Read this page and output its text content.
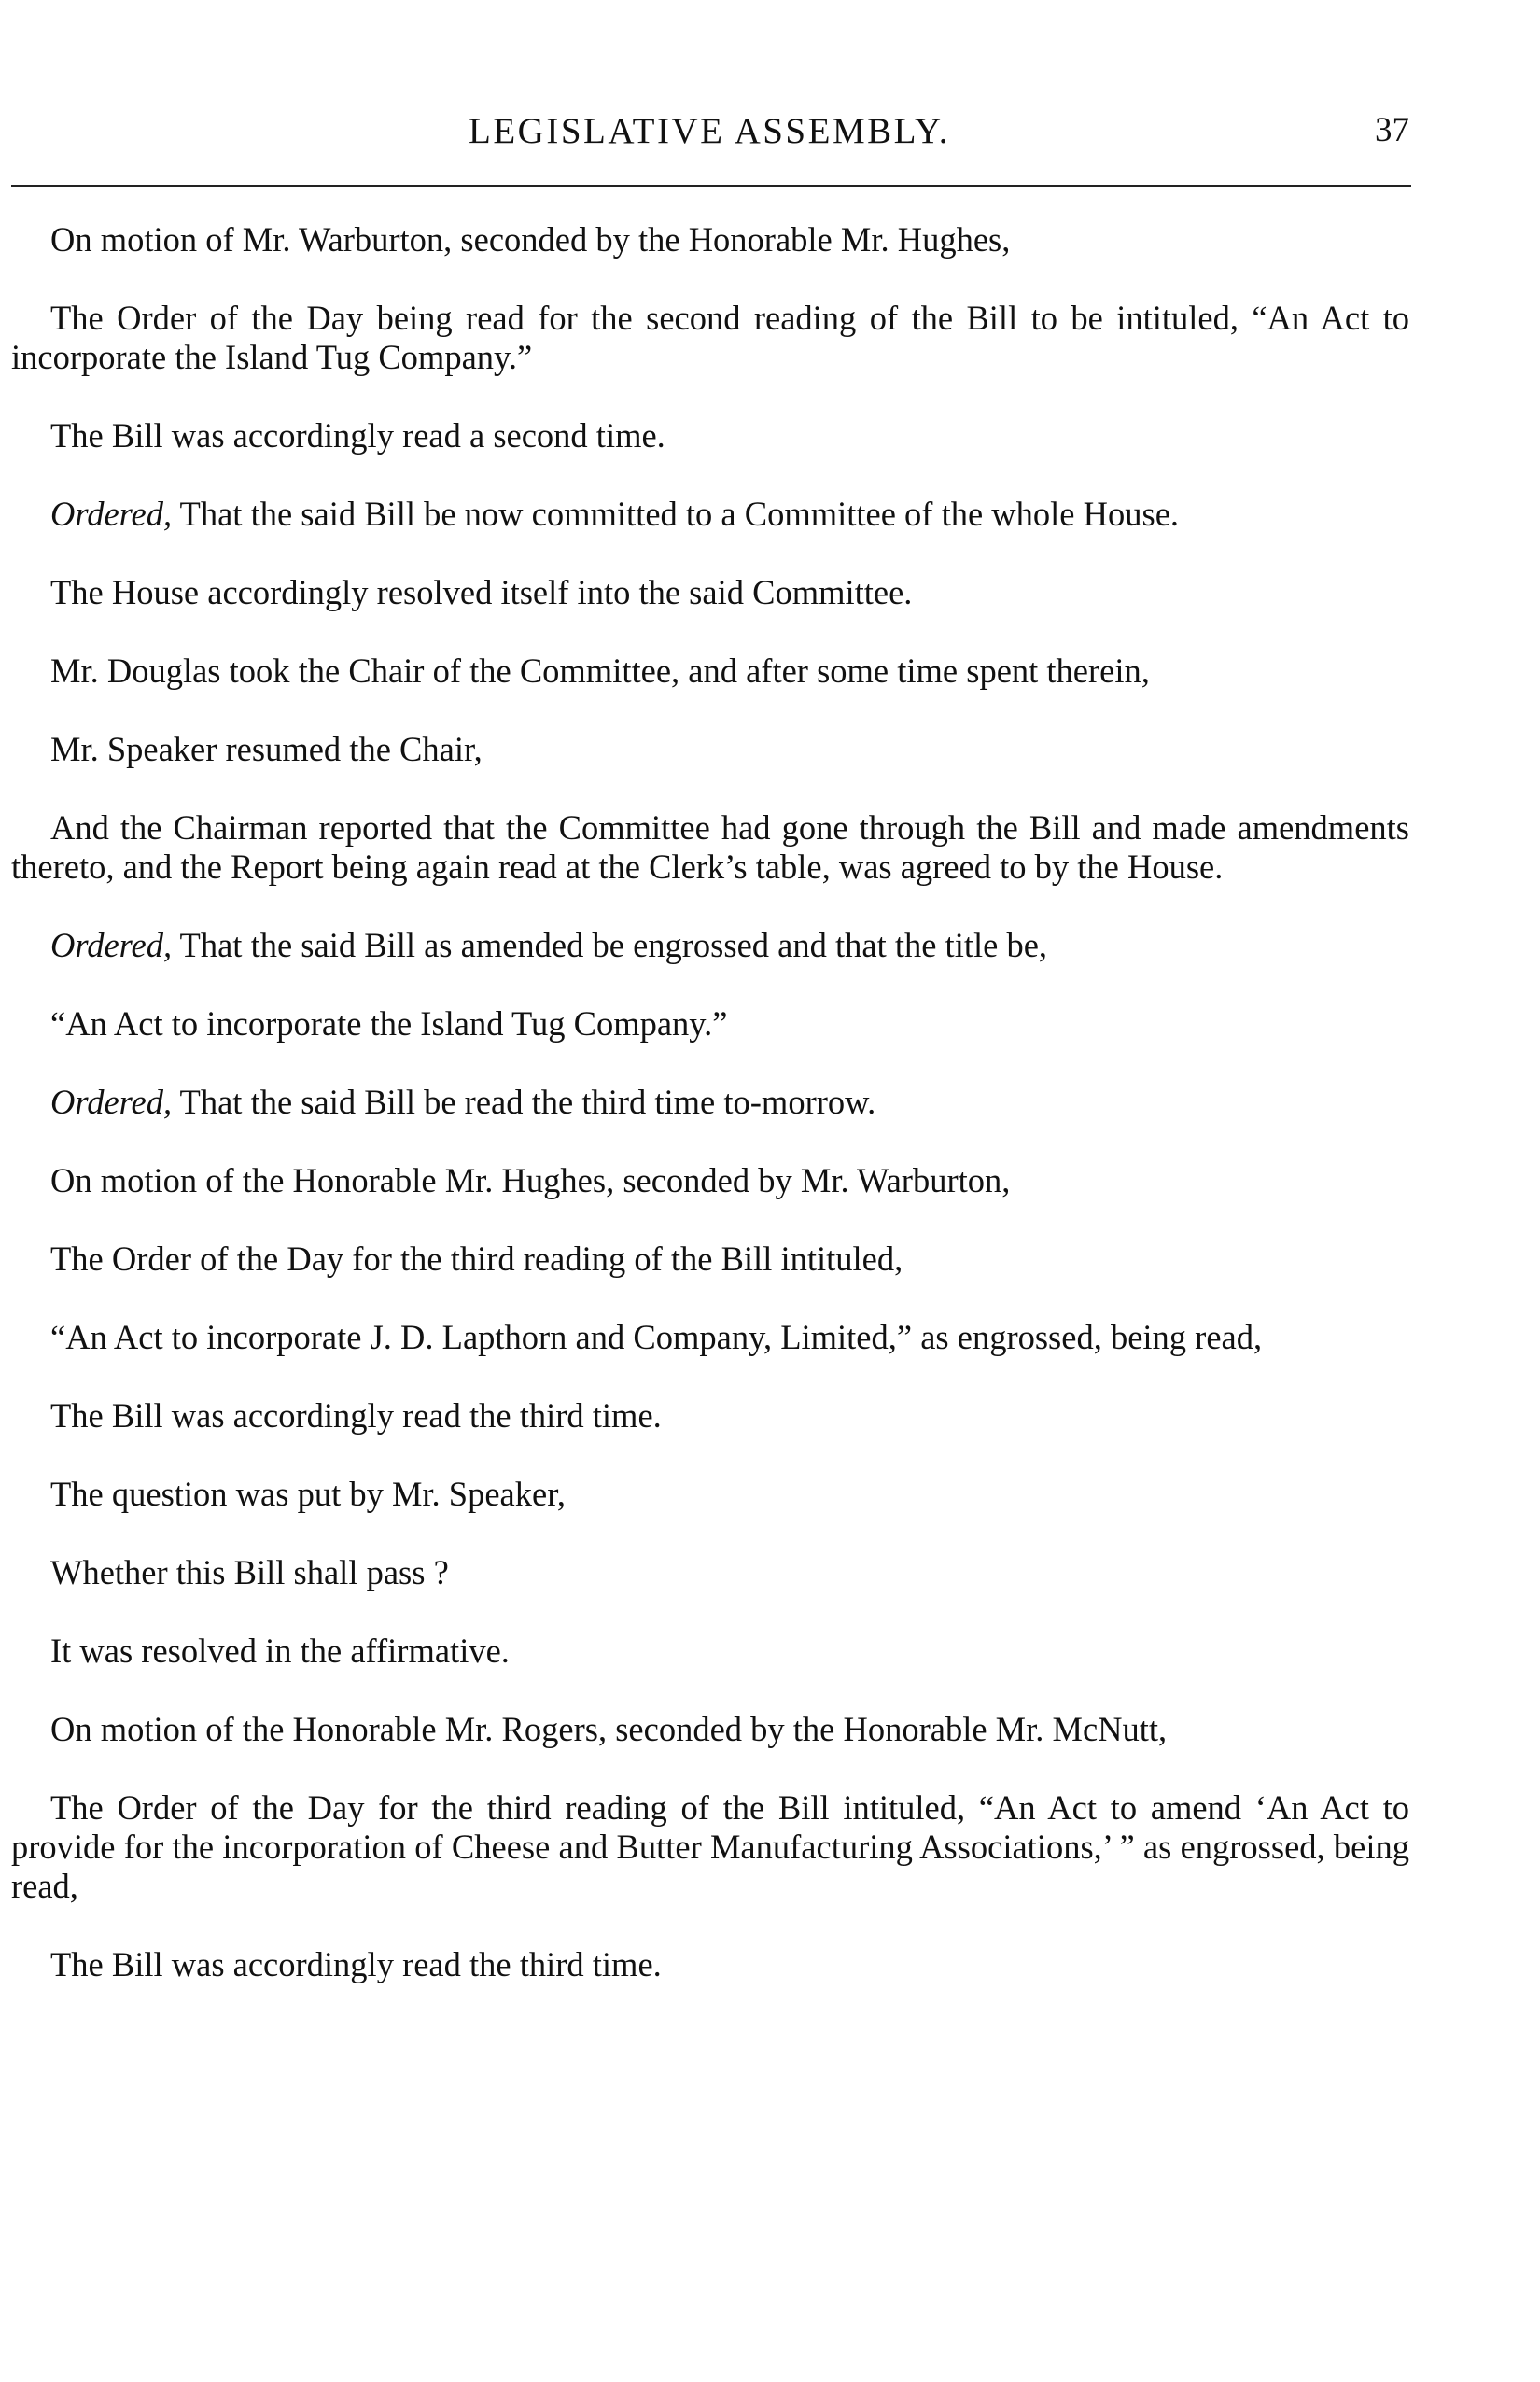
LEGISLATIVE ASSEMBLY.	37

On motion of Mr. Warburton, seconded by the Honorable Mr. Hughes,

The Order of the Day being read for the second reading of the Bill to be intituled, “An Act to incorporate the Island Tug Company.”

The Bill was accordingly read a second time.

Ordered, That the said Bill be now committed to a Committee of the whole House.

The House accordingly resolved itself into the said Committee.

Mr. Douglas took the Chair of the Committee, and after some time spent therein,

Mr. Speaker resumed the Chair,

And the Chairman reported that the Committee had gone through the Bill and made amendments thereto, and the Report being again read at the Clerk’s table, was agreed to by the House.

Ordered, That the said Bill as amended be engrossed and that the title be,

“An Act to incorporate the Island Tug Company.”

Ordered, That the said Bill be read the third time to-morrow.

On motion of the Honorable Mr. Hughes, seconded by Mr. Warburton,

The Order of the Day for the third reading of the Bill intituled,

“An Act to incorporate J. D. Lapthorn and Company, Limited,” as engrossed, being read,

The Bill was accordingly read the third time.

The question was put by Mr. Speaker,

Whether this Bill shall pass ?

It was resolved in the affirmative.

On motion of the Honorable Mr. Rogers, seconded by the Honorable Mr. McNutt,

The Order of the Day for the third reading of the Bill intituled, “An Act to amend ‘An Act to provide for the incorporation of Cheese and Butter Manufacturing Associations,’ ” as engrossed, being read,

The Bill was accordingly read the third time.
